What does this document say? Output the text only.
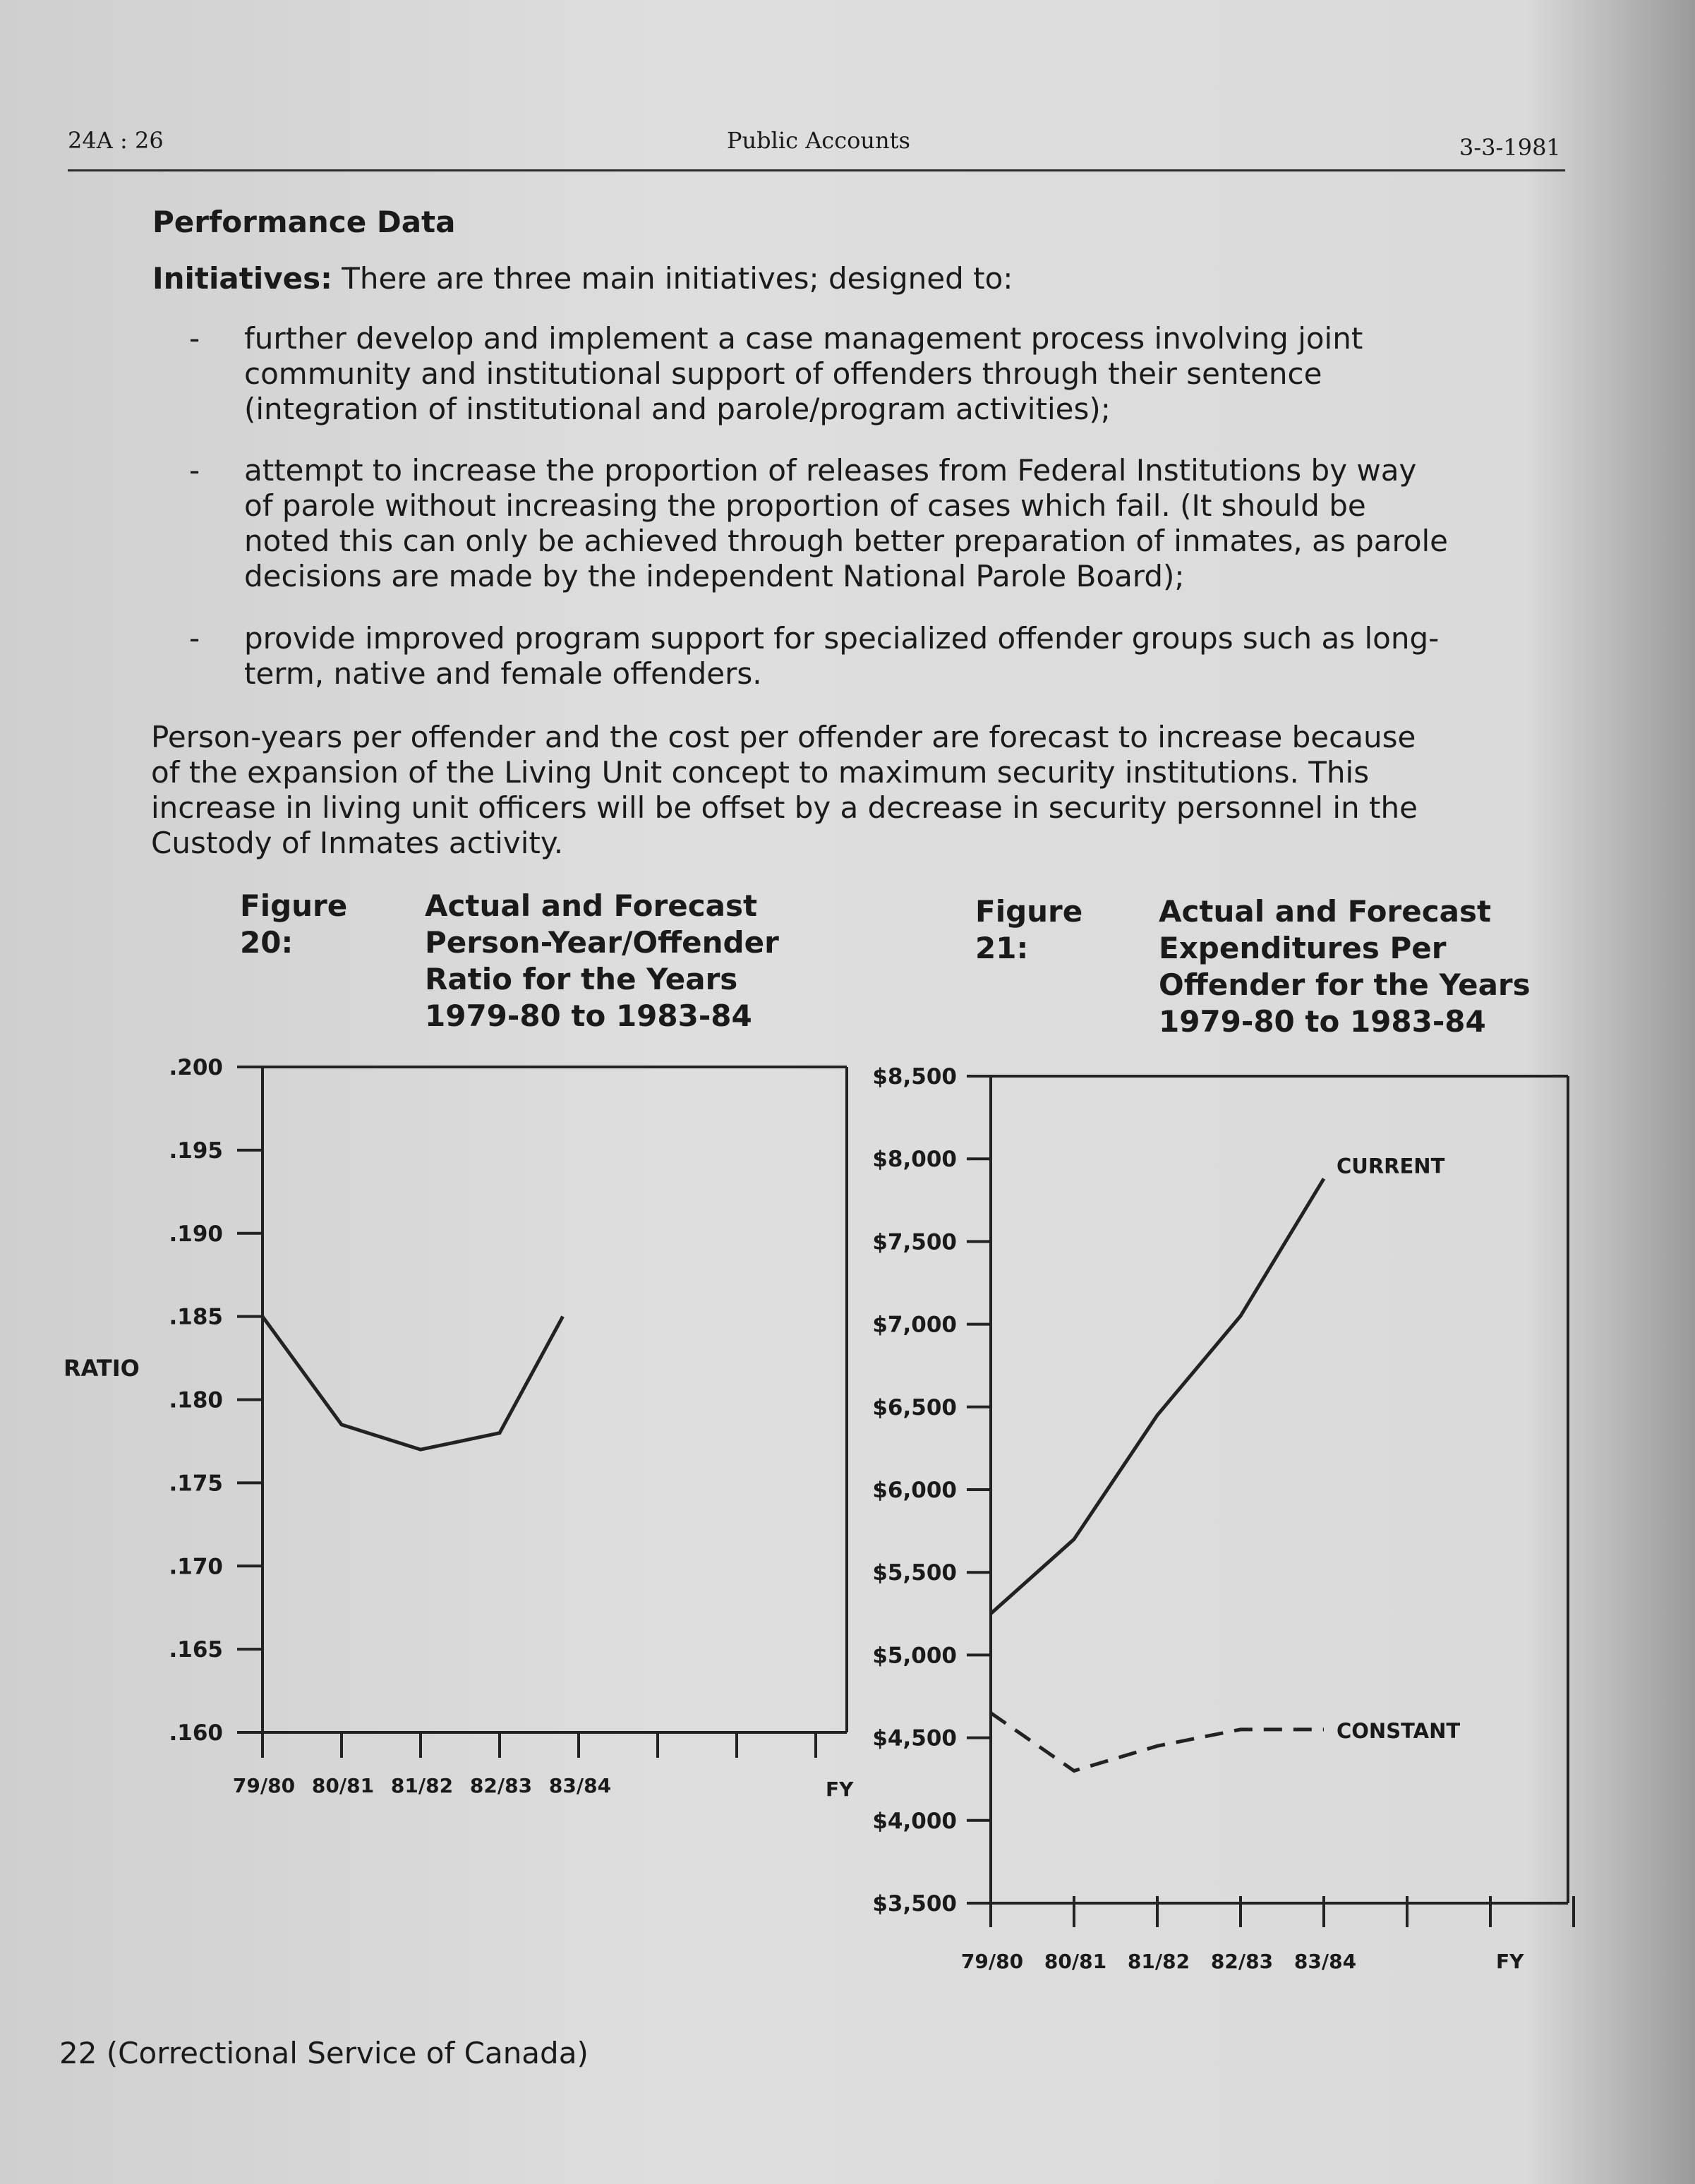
24A : 26	Public Accounts	3-3-1981
Performance Data
Initiatives: There are three main initiatives; designed to:
- further develop and implement a case management process involving joint
community and institutional support of offenders through their sentence
(integration of institutional and parole/program activities);
- attempt to increase the proportion of releases from Federal Institutions by way
of parole without increasing the proportion of cases which fail. (It should be
noted this can only be achieved through better preparation of inmates, as parole
decisions are made by the independent National Parole Board);
- provide improved program support for specialized offender groups such as long-
term, native and female offenders.
Person-years per offender and the cost per offender are forecast to increase because
of the expansion of the Living Unit concept to maximum security institutions. This
increase in living unit officers will be offset by a decrease in security personnel in the
Custody of Inmates activity.
Figure 20:
Actual and Forecast
Person-Year/Offender
Ratio for the Years
1979-80 to 1983-84
Figure 21:
Actual and Forecast
Expenditures Per
Offender for the Years
1979-80 to 1983-84
.200
.195
.190
.185
.180
.175
.170
.165
.160
79/80 80/81 81/82 82/83 83/84	FY
RATIO
$8,500
$8,000
$7,500
$7,000
$6,500
$6,000
$5,500
$5,000
$4,500
$4,000
$3,500
79/80 80/81 81/82 82/83 83/84	FY
CURRENT
CONSTANT
22 (Correctional Service of Canada)
